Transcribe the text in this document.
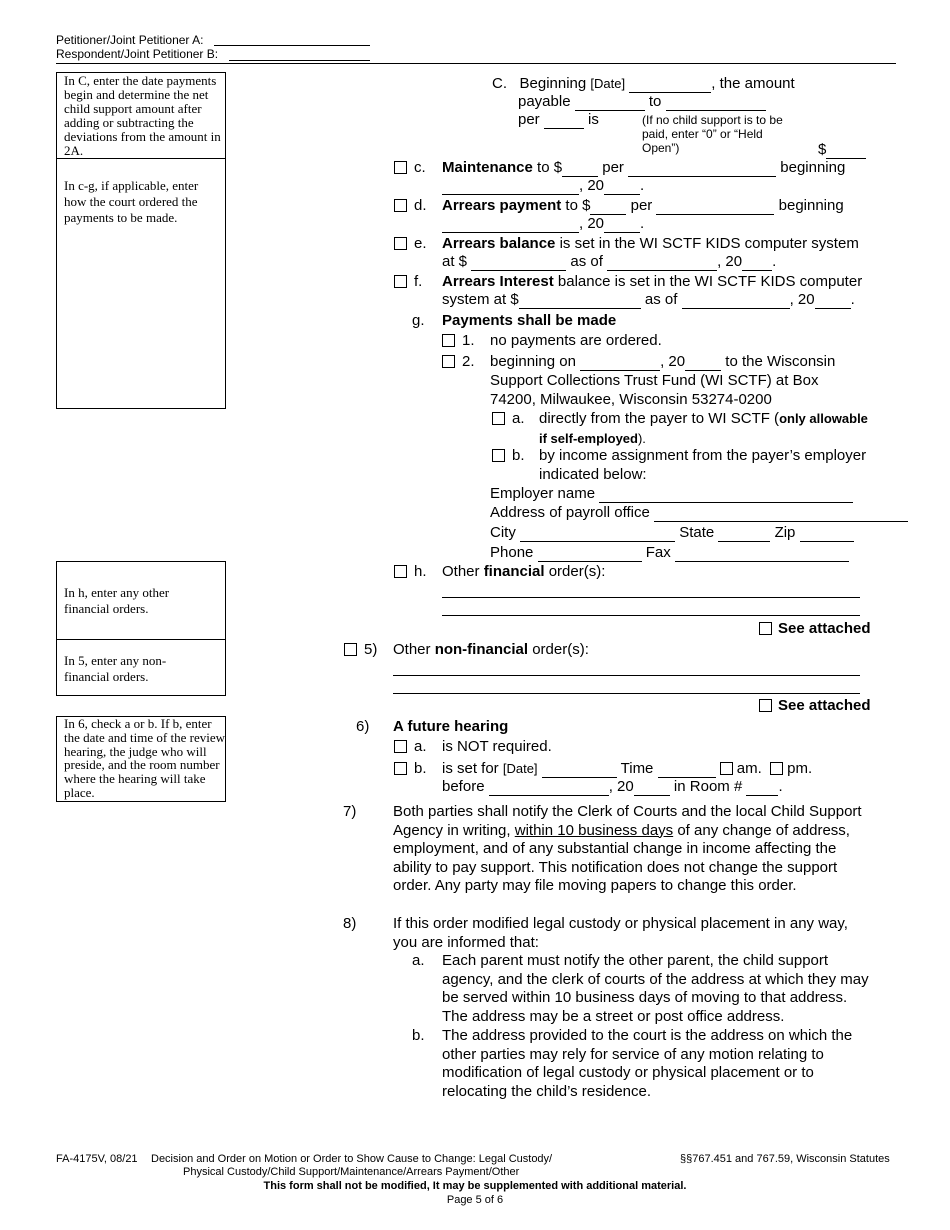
Petitioner/Joint Petitioner A:
Respondent/Joint Petitioner B:
In C, enter the date payments begin and determine the net child support amount after adding or subtracting the deviations from the amount in 2A.
In c-g, if applicable, enter how the court ordered the payments to be made.
In h, enter any other financial orders.
In 5, enter any non-financial orders.
In 6, check a or b. If b, enter the date and time of the review hearing, the judge who will preside, and the room number where the hearing will take place.
C. Beginning [Date]	, the amount
payable	to
per	is	(If no child support is to be paid, enter “0” or “Held Open”)	$
c. Maintenance to $	per	beginning
, 20 .
d. Arrears payment to $	per	beginning
, 20 .
e. Arrears balance is set in the WI SCTF KIDS computer system
at $	as of	, 20 .
f. Arrears Interest balance is set in the WI SCTF KIDS computer
system at $	as of	, 20 .
g. Payments shall be made
1. no payments are ordered.
2. beginning on	, 20	to the Wisconsin
Support Collections Trust Fund (WI SCTF) at Box
74200, Milwaukee, Wisconsin 53274-0200
a. directly from the payer to WI SCTF (only allowable
if self-employed).
b. by income assignment from the payer’s employer
indicated below:
Employer name
Address of payroll office
City	State	Zip
Phone	Fax
h. Other financial order(s):
See attached
5) Other non-financial order(s):
See attached
6) A future hearing
a. is NOT required.
b. is set for [Date]	Time	am. pm.
before	, 20	in Room # .
7) Both parties shall notify the Clerk of Courts and the local Child Support Agency in writing, within 10 business days of any change of address, employment, and of any substantial change in income affecting the ability to pay support. This notification does not change the support order. Any party may file moving papers to change this order.
8) If this order modified legal custody or physical placement in any way, you are informed that:
a. Each parent must notify the other parent, the child support agency, and the clerk of courts of the address at which they may be served within 10 business days of moving to that address. The address may be a street or post office address.
b. The address provided to the court is the address on which the other parties may rely for service of any motion relating to modification of legal custody or physical placement or to relocating the child’s residence.
FA-4175V, 08/21 Decision and Order on Motion or Order to Show Cause to Change: Legal Custody/
Physical Custody/Child Support/Maintenance/Arrears Payment/Other
§§767.451 and 767.59, Wisconsin Statutes
This form shall not be modified, It may be supplemented with additional material.
Page 5 of 6
